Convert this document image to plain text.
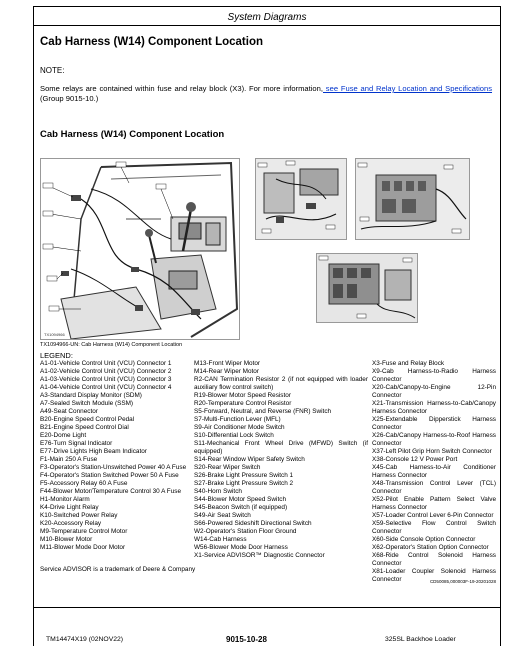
System Diagrams
Cab Harness (W14) Component Location
NOTE:
Some relays are contained within fuse and relay block (X3). For more information, see Fuse and Relay Location and Specifications (Group 9015-10.)
Cab Harness (W14) Component Location
TX1094966
TX1094966-UN: Cab Harness (W14) Component Location
LEGEND:
A1-01-Vehicle Control Unit (VCU) Connector 1
A1-02-Vehicle Control Unit (VCU) Connector 2
A1-03-Vehicle Control Unit (VCU) Connector 3
A1-04-Vehicle Control Unit (VCU) Connector 4
A3-Standard Display Monitor (SDM)
A7-Sealed Switch Module (SSM)
A49-Seat Connector
B20-Engine Speed Control Pedal
B21-Engine Speed Control Dial
E20-Dome Light
E76-Turn Signal Indicator
E77-Drive Lights High Beam Indicator
F1-Main 250 A Fuse
F3-Operator's Station-Unswitched Power 40 A Fuse
F4-Operator's Station Switched Power 50 A Fuse
F5-Accessory Relay 60 A Fuse
F44-Blower Motor/Temperature Control 30 A Fuse
H1-Monitor Alarm
K4-Drive Light Relay
K10-Switched Power Relay
K20-Accessory Relay
M9-Temperature Control Motor
M10-Blower Motor
M11-Blower Mode Door Motor
M13-Front Wiper Motor
M14-Rear Wiper Motor
R2-CAN Termination Resistor 2 (if not equipped with loader auxiliary flow control switch)
R19-Blower Motor Speed Resistor
R20-Temperature Control Resistor
S5-Forward, Neutral, and Reverse (FNR) Switch
S7-Multi-Function Lever (MFL)
S9-Air Conditioner Mode Switch
S10-Differential Lock Switch
S11-Mechanical Front Wheel Drive (MFWD) Switch (if equipped)
S14-Rear Window Wiper Safety Switch
S20-Rear Wiper Switch
S26-Brake Light Pressure Switch 1
S27-Brake Light Pressure Switch 2
S40-Horn Switch
S44-Blower Motor Speed Switch
S45-Beacon Switch (if equipped)
S49-Air Seat Switch
S66-Powered Sideshift Directional Switch
W2-Operator's Station Floor Ground
W14-Cab Harness
W56-Blower Mode Door Harness
X1-Service ADVISOR™ Diagnostic Connector
X3-Fuse and Relay Block
X9-Cab Harness-to-Radio Harness Connector
X20-Cab/Canopy-to-Engine 12-Pin Connector
X21-Transmission Harness-to-Cab/Canopy Harness Connector
X25-Extendable Dipperstick Harness Connector
X26-Cab/Canopy Harness-to-Roof Harness Connector
X37-Left Pilot Grip Horn Switch Connector
X38-Console 12 V Power Port
X45-Cab Harness-to-Air Conditioner Harness Connector
X48-Transmission Control Lever (TCL) Connector
X52-Pilot Enable Pattern Select Valve Harness Connector
X57-Loader Control Lever 6-Pin Connector
X59-Selective Flow Control Switch Connector
X60-Side Console Option Connector
X62-Operator's Station Option Connector
X68-Ride Control Solenoid Harness Connector
X81-Loader Coupler Solenoid Harness Connector
Service ADVISOR is a trademark of Deere & Company
CD50085,000003F-19-20201028
TM14474X19 (02NOV22)	9015-10-28	325SL Backhoe Loader
